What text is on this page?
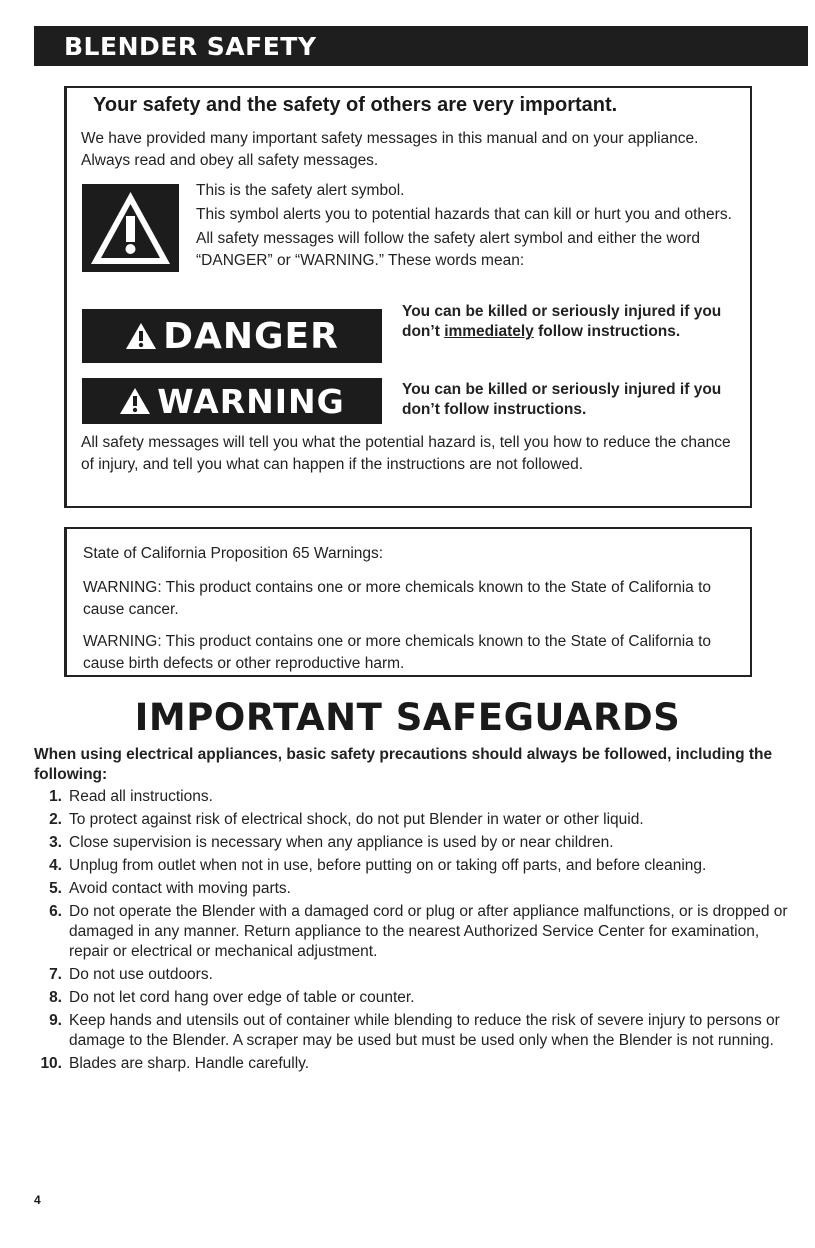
BLENDER SAFETY
Your safety and the safety of others are very important.
We have provided many important safety messages in this manual and on your appliance. Always read and obey all safety messages.
This is the safety alert symbol.
This symbol alerts you to potential hazards that can kill or hurt you and others.
All safety messages will follow the safety alert symbol and either the word “DANGER” or “WARNING.” These words mean:
DANGER
You can be killed or seriously injured if you don’t immediately follow instructions.
WARNING	You can be killed or seriously injured if you don’t follow instructions.
All safety messages will tell you what the potential hazard is, tell you how to reduce the chance of injury, and tell you what can happen if the instructions are not followed.
State of California Proposition 65 Warnings:
WARNING: This product contains one or more chemicals known to the State of California to cause cancer.
WARNING: This product contains one or more chemicals known to the State of California to cause birth defects or other reproductive harm.
IMPORTANT SAFEGUARDS
When using electrical appliances, basic safety precautions should always be followed, including the following:
1. Read all instructions.
2. To protect against risk of electrical shock, do not put Blender in water or other liquid.
3. Close supervision is necessary when any appliance is used by or near children.
4. Unplug from outlet when not in use, before putting on or taking off parts, and before cleaning.
5. Avoid contact with moving parts.
6. Do not operate the Blender with a damaged cord or plug or after appliance malfunctions, or is dropped or damaged in any manner. Return appliance to the nearest Authorized Service Center for examination, repair or electrical or mechanical adjustment.
7. Do not use outdoors.
8. Do not let cord hang over edge of table or counter.
9. Keep hands and utensils out of container while blending to reduce the risk of severe injury to persons or damage to the Blender. A scraper may be used but must be used only when the Blender is not running.
10. Blades are sharp. Handle carefully.
4
